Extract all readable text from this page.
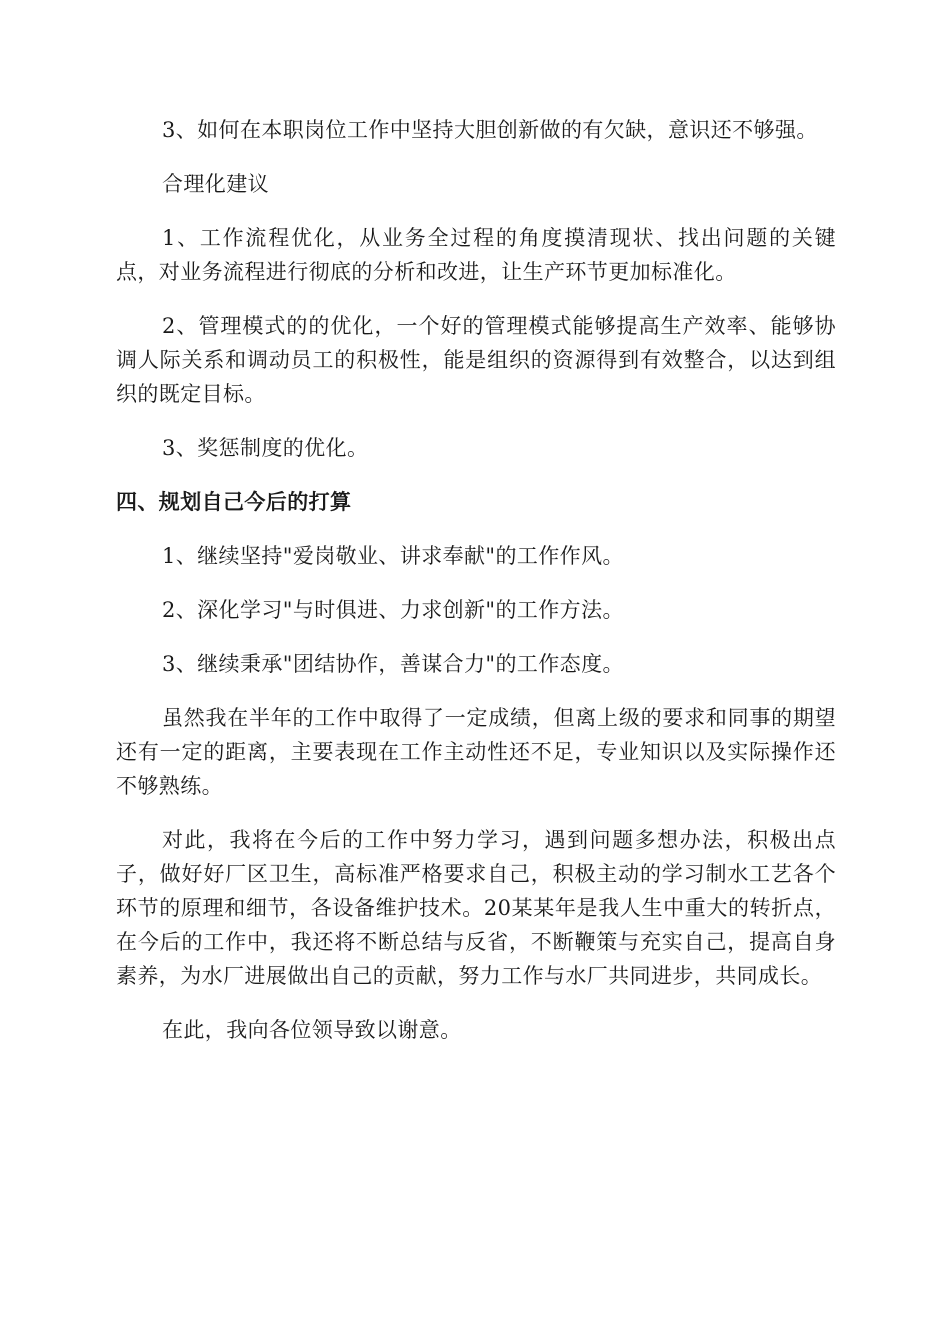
3、如何在本职岗位工作中坚持大胆创新做的有欠缺，意识还不够强。

合理化建议

1、工作流程优化，从业务全过程的角度摸清现状、找出问题的关键点，对业务流程进行彻底的分析和改进，让生产环节更加标准化。

2、管理模式的的优化，一个好的管理模式能够提高生产效率、能够协调人际关系和调动员工的积极性，能是组织的资源得到有效整合，以达到组织的既定目标。

3、奖惩制度的优化。

四、规划自己今后的打算

1、继续坚持"爱岗敬业、讲求奉献"的工作作风。

2、深化学习"与时俱进、力求创新"的工作方法。

3、继续秉承"团结协作，善谋合力"的工作态度。

虽然我在半年的工作中取得了一定成绩，但离上级的要求和同事的期望还有一定的距离，主要表现在工作主动性还不足，专业知识以及实际操作还不够熟练。

对此，我将在今后的工作中努力学习，遇到问题多想办法，积极出点子，做好好厂区卫生，高标准严格要求自己，积极主动的学习制水工艺各个环节的原理和细节，各设备维护技术。20某某年是我人生中重大的转折点，在今后的工作中，我还将不断总结与反省，不断鞭策与充实自己，提高自身素养，为水厂进展做出自己的贡献，努力工作与水厂共同进步，共同成长。

在此，我向各位领导致以谢意。
